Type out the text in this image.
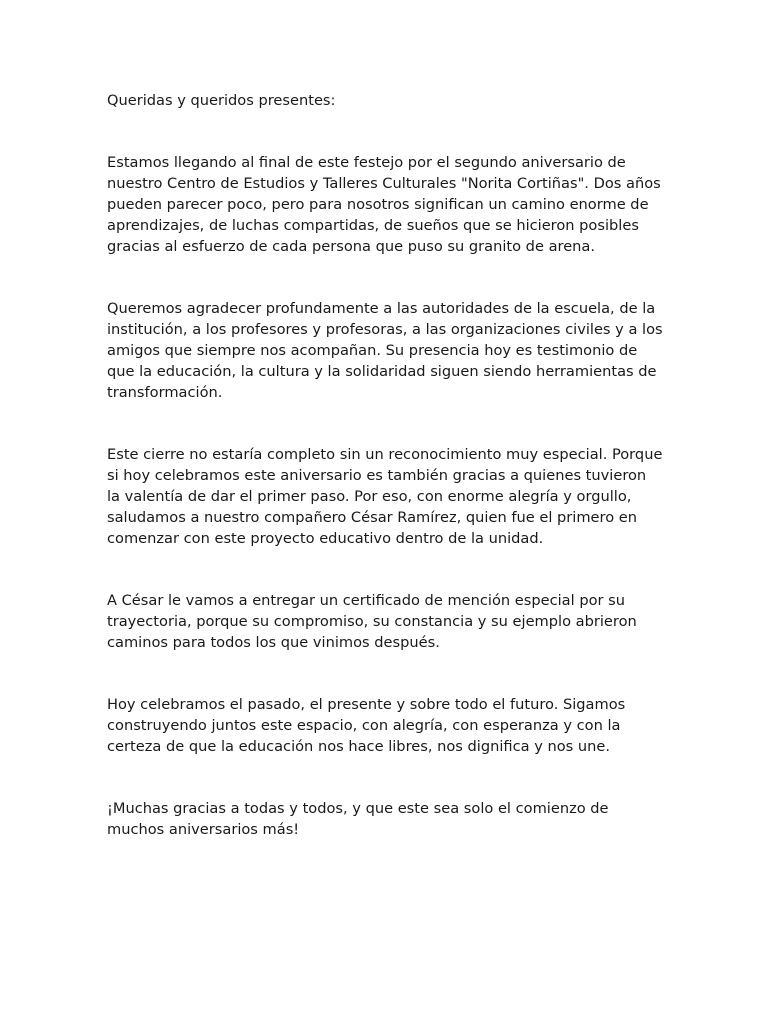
Queridas y queridos presentes:

Estamos llegando al final de este festejo por el segundo aniversario de nuestro Centro de Estudios y Talleres Culturales "Norita Cortiñas". Dos años pueden parecer poco, pero para nosotros significan un camino enorme de aprendizajes, de luchas compartidas, de sueños que se hicieron posibles gracias al esfuerzo de cada persona que puso su granito de arena.

Queremos agradecer profundamente a las autoridades de la escuela, de la institución, a los profesores y profesoras, a las organizaciones civiles y a los amigos que siempre nos acompañan. Su presencia hoy es testimonio de que la educación, la cultura y la solidaridad siguen siendo herramientas de transformación.

Este cierre no estaría completo sin un reconocimiento muy especial. Porque si hoy celebramos este aniversario es también gracias a quienes tuvieron la valentía de dar el primer paso. Por eso, con enorme alegría y orgullo, saludamos a nuestro compañero César Ramírez, quien fue el primero en comenzar con este proyecto educativo dentro de la unidad.

A César le vamos a entregar un certificado de mención especial por su trayectoria, porque su compromiso, su constancia y su ejemplo abrieron caminos para todos los que vinimos después.

Hoy celebramos el pasado, el presente y sobre todo el futuro. Sigamos construyendo juntos este espacio, con alegría, con esperanza y con la certeza de que la educación nos hace libres, nos dignifica y nos une.

¡Muchas gracias a todas y todos, y que este sea solo el comienzo de muchos aniversarios más!
